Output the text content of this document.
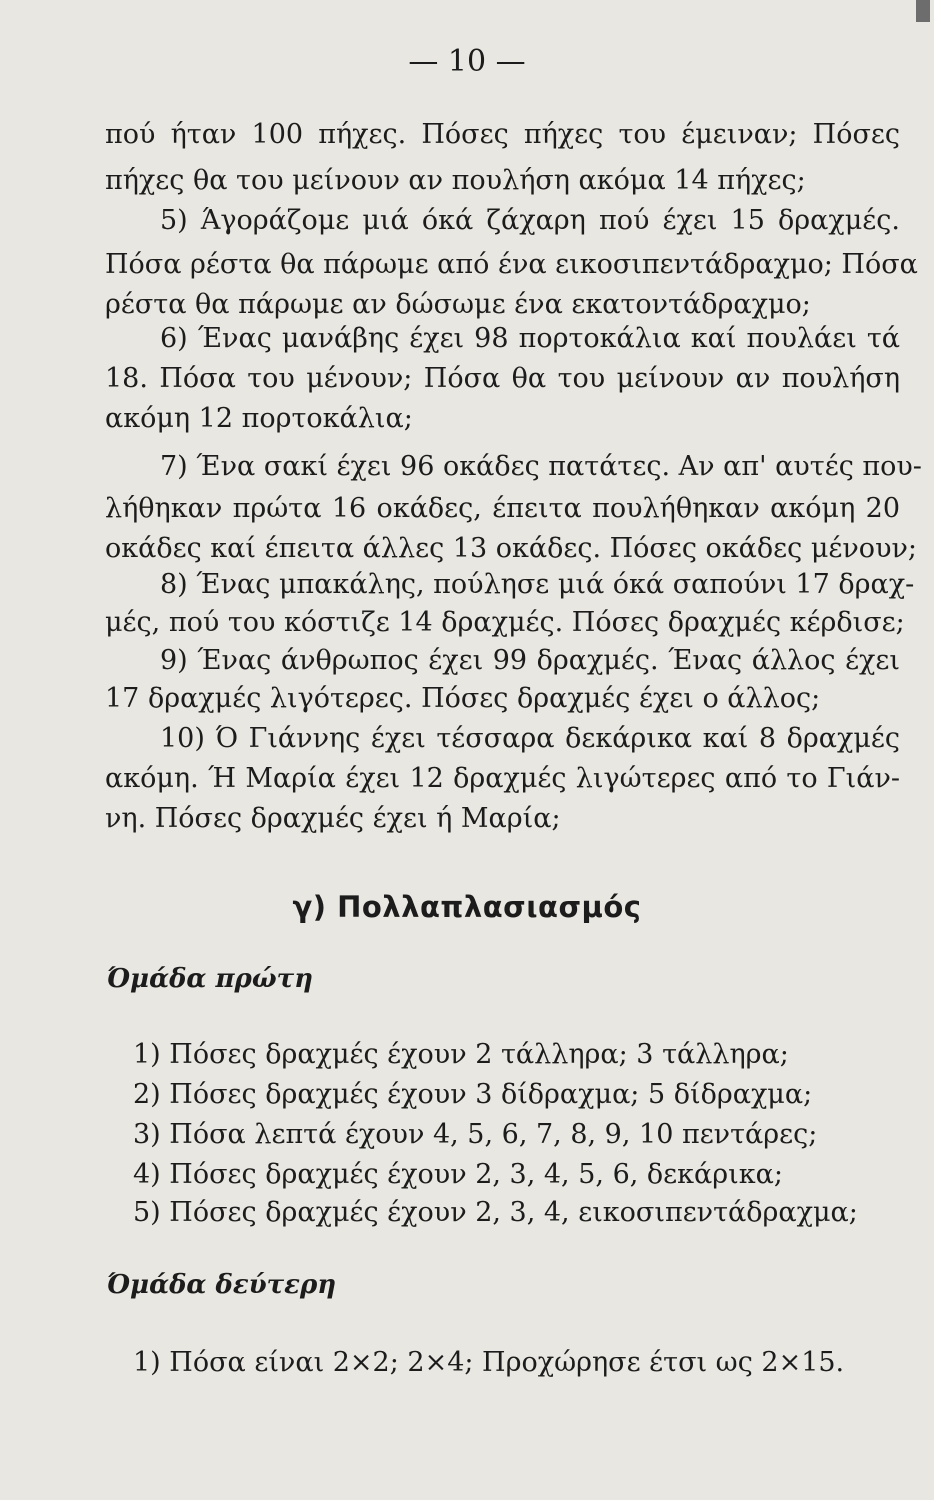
— 10 —
πού ήταν 100 πήχες. Πόσες πήχες του έμειναν; Πόσες
πήχες θα του μείνουν αν πουλήση ακόμα 14 πήχες;
5) Άγοράζομε μιά όκά ζάχαρη πού έχει 15 δραχμές.
Πόσα ρέστα θα πάρωμε από ένα εικοσιπεντάδραχμο; Πόσα
ρέστα θα πάρωμε αν δώσωμε ένα εκατοντάδραχμο;
6) Ένας μανάβης έχει 98 πορτοκάλια καί πουλάει τά
18. Πόσα του μένουν; Πόσα θα του μείνουν αν πουλήση
ακόμη 12 πορτοκάλια;
7) Ένα σακί έχει 96 οκάδες πατάτες. Αν απ' αυτές που-
λήθηκαν πρώτα 16 οκάδες, έπειτα πουλήθηκαν ακόμη 20
οκάδες καί έπειτα άλλες 13 οκάδες. Πόσες οκάδες μένουν;
8) Ένας μπακάλης, πούλησε μιά όκά σαπούνι 17 δραχ-
μές, πού του κόστιζε 14 δραχμές. Πόσες δραχμές κέρδισε;
9) Ένας άνθρωπος έχει 99 δραχμές. Ένας άλλος έχει
17 δραχμές λιγότερες. Πόσες δραχμές έχει ο άλλος;
10) Ό Γιάννης έχει τέσσαρα δεκάρικα καί 8 δραχμές
ακόμη. Ή Μαρία έχει 12 δραχμές λιγώτερες από το Γιάν-
νη. Πόσες δραχμές έχει ή Μαρία;
γ) Πολλαπλασιασμός
Όμάδα πρώτη
1) Πόσες δραχμές έχουν 2 τάλληρα; 3 τάλληρα;
2) Πόσες δραχμές έχουν 3 δίδραχμα; 5 δίδραχμα;
3) Πόσα λεπτά έχουν 4, 5, 6, 7, 8, 9, 10 πεντάρες;
4) Πόσες δραχμές έχουν 2, 3, 4, 5, 6, δεκάρικα;
5) Πόσες δραχμές έχουν 2, 3, 4, εικοσιπεντάδραχμα;
Όμάδα δεύτερη
1) Πόσα είναι 2×2; 2×4; Προχώρησε έτσι ως 2×15.
